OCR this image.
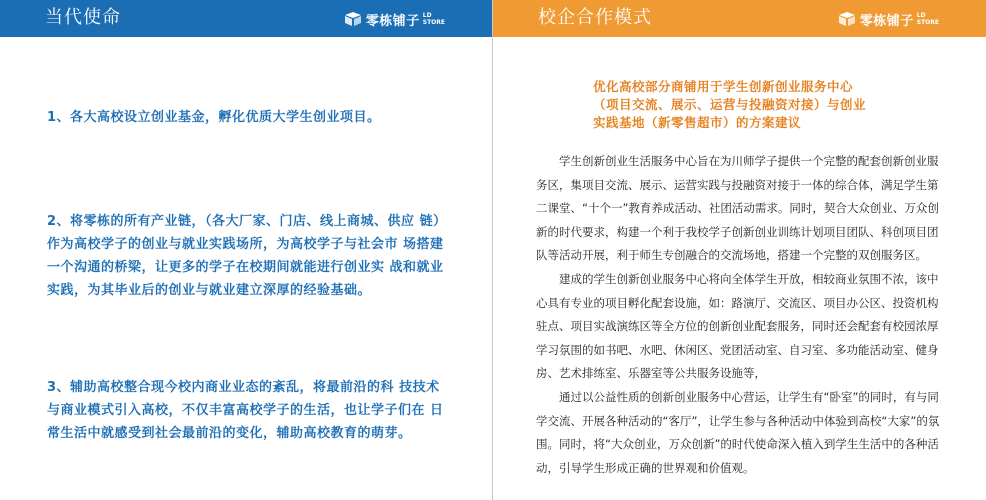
当代使命	零栋铺子 LD
STORE
1、各大高校设立创业基金，孵化优质大学生创业项目。
2、将零栋的所有产业链，（各大厂家、门店、线上商城、供应 链）作为高校学子的创业与就业实践场所，为高校学子与社会市 场搭建一个沟通的桥梁，让更多的学子在校期间就能进行创业实 战和就业实践，为其毕业后的创业与就业建立深厚的经验基础。
3、辅助高校整合现今校内商业业态的紊乱，将最前沿的科 技技术 与商业模式引入高校，不仅丰富高校学子的生活，也让学子们在 日常生活中就感受到社会最前沿的变化，辅助高校教育的萌芽。
校企合作模式	零栋铺子 LD
STORE
优化高校部分商铺用于学生创新创业服务中心（项目交流、展示、运营与投融资对接）与创业实践基地（新零售超市）的方案建议

学生创新创业生活服务中心旨在为川师学子提供一个完整的配套创新创业服务区，集项目交流、展示、运营实践与投融资对接于一体的综合体，满足学生第二课堂、“十个一”教育养成活动、社团活动需求。同时，契合大众创业、万众创新的时代要求，构建一个利于我校学子创新创业训练计划项目团队、科创项目团队等活动开展，利于师生专创融合的交流场地，搭建一个完整的双创服务区。

建成的学生创新创业服务中心将向全体学生开放，相较商业氛围不浓，该中心具有专业的项目孵化配套设施，如：路演厅、交流区、项目办公区、投资机构驻点、项目实战演练区等全方位的创新创业配套服务，同时还会配套有校园浓厚学习氛围的如书吧、水吧、休闲区、党团活动室、自习室、多功能活动室、健身房、艺术排练室、乐器室等公共服务设施等，

通过以公益性质的创新创业服务中心营运，让学生有“卧室”的同时，有与同学交流、开展各种活动的“客厅”，让学生参与各种活动中体验到高校“大家”的氛围。同时，将“大众创业，万众创新”的时代使命深入植入到学生生活中的各种活动，引导学生形成正确的世界观和价值观。
